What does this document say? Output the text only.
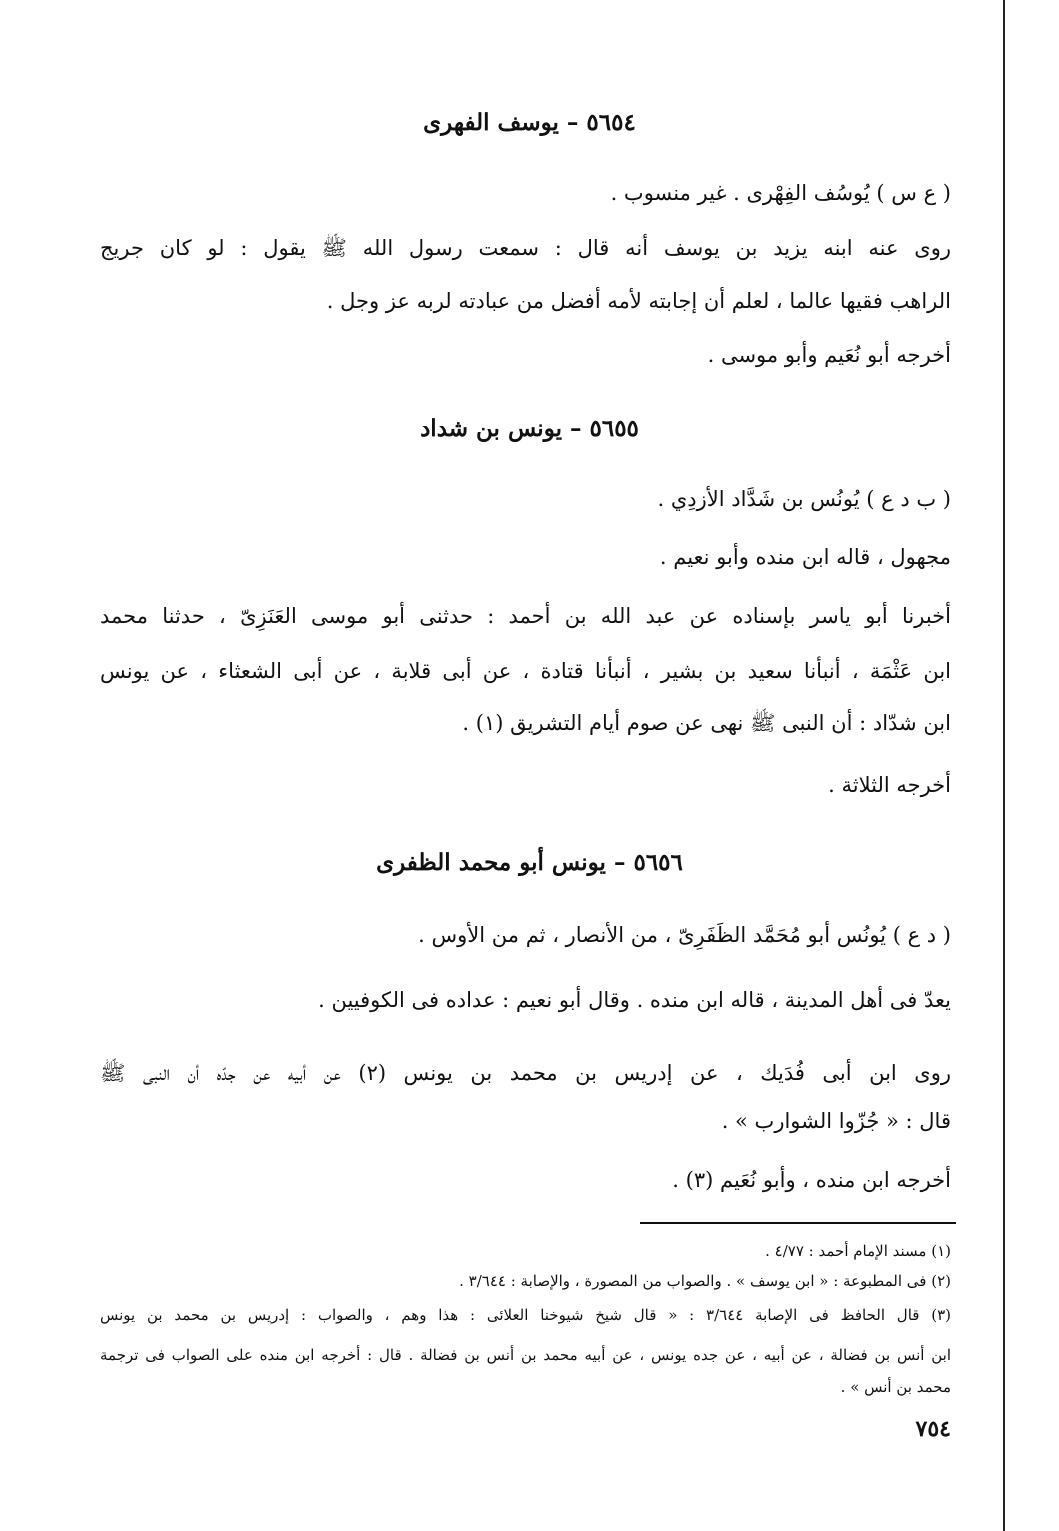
٥٦٥٤ – يوسف الفهرى
( ع س ) يُوسُف الفِهْرى . غير منسوب .
روى عنه ابنه يزيد بن يوسف أنه قال : سمعت رسول الله ﷺ يقول : لو كان جريج
الراهب فقيها عالما ، لعلم أن إجابته لأمه أفضل من عبادته لربه عز وجل .
أخرجه أبو نُعَيم وأبو موسى .
٥٦٥٥ – يونس بن شداد
( ب د ع ) يُونُس بن شَدَّاد الأزدِي .
مجهول ، قاله ابن منده وأبو نعيم .
أخبرنا أبو ياسر بإسناده عن عبد الله بن أحمد : حدثنى أبو موسى العَنَزِىّ ، حدثنا محمد
ابن عَثْمَة ، أنبأنا سعيد بن بشير ، أنبأنا قتادة ، عن أبى قلابة ، عن أبى الشعثاء ، عن يونس
ابن شدّاد : أن النبى ﷺ نهى عن صوم أيام التشريق (١) .
أخرجه الثلاثة .
٥٦٥٦ – يونس أبو محمد الظفرى
( د ع ) يُونُس أبو مُحَمَّد الظَفَرِىّ ، من الأنصار ، ثم من الأوس .
يعدّ فى أهل المدينة ، قاله ابن منده . وقال أبو نعيم : عداده فى الكوفيين .
روى ابن أبى فُدَيك ، عن إدريس بن محمد بن يونس (٢) عن أبيه عن جدّه أن النبى ﷺ
قال : « جُزّوا الشوارب » .
أخرجه ابن منده ، وأبو نُعَيم (٣) .
(١) مسند الإمام أحمد : ٤/٧٧ .
(٢) فى المطبوعة : « ابن يوسف » . والصواب من المصورة ، والإصابة : ٣/٦٤٤ .
(٣) قال الحافظ فى الإصابة ٣/٦٤٤ : « قال شيخ شيوخنا العلائى : هذا وهم ، والصواب : إدريس بن محمد بن يونس
ابن أنس بن فضالة ، عن أبيه ، عن جده يونس ، عن أبيه محمد بن أنس بن فضالة . قال : أخرجه ابن منده على الصواب فى ترجمة
محمد بن أنس » .
٧٥٤
